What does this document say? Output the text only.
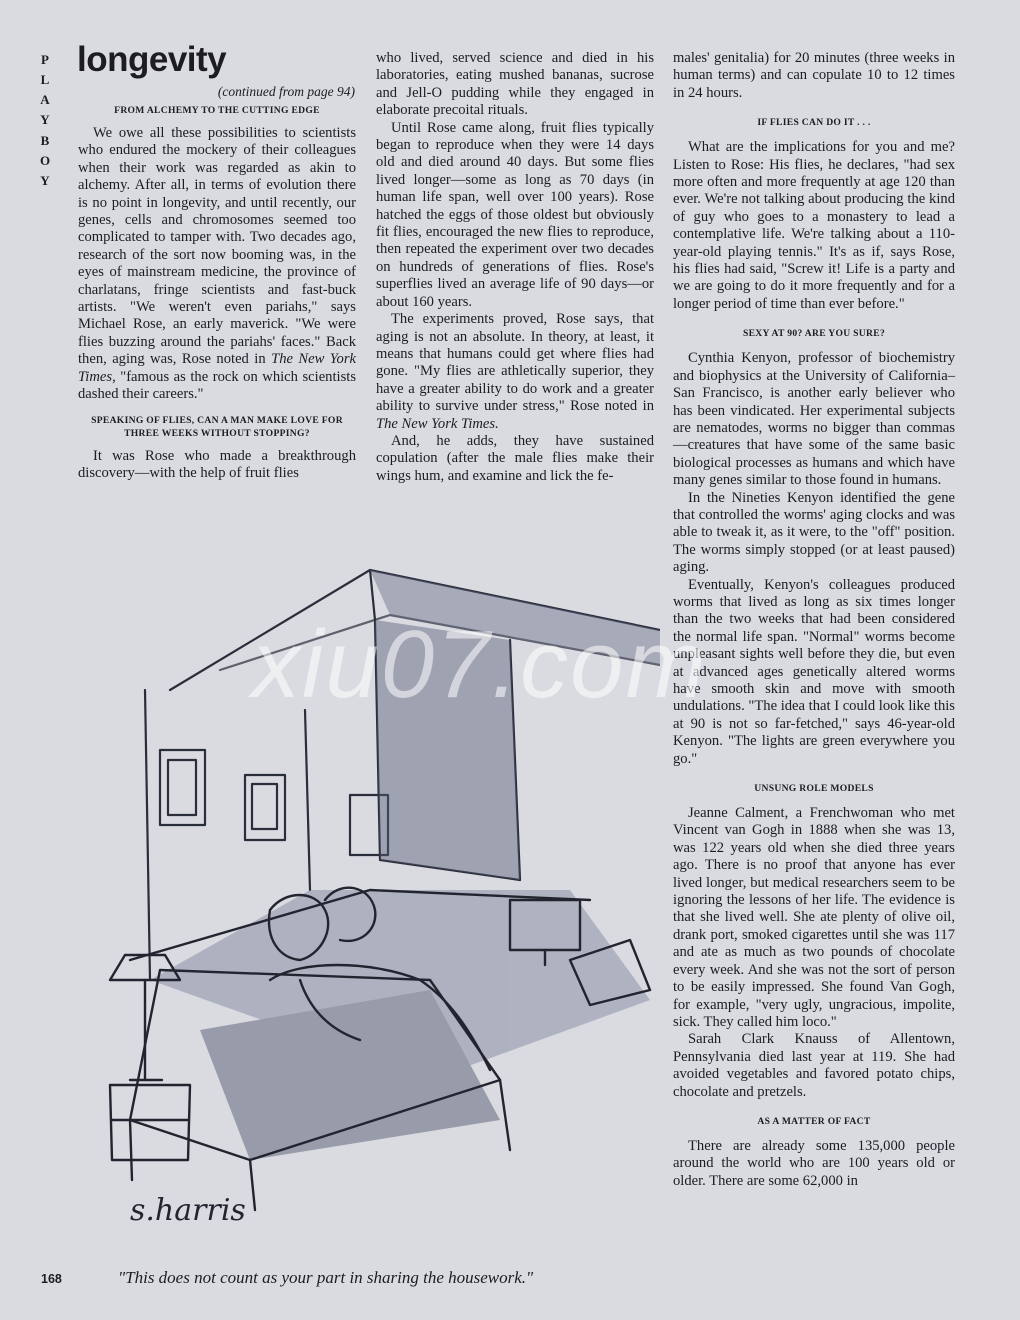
P
L
A
Y
B
O
Y
longevity
(continued from page 94)
FROM ALCHEMY TO THE CUTTING EDGE

We owe all these possibilities to scientists who endured the mockery of their colleagues when their work was regarded as akin to alchemy. After all, in terms of evolution there is no point in longevity, and until recently, our genes, cells and chromosomes seemed too complicated to tamper with. Two decades ago, research of the sort now booming was, in the eyes of mainstream medicine, the province of charlatans, fringe scientists and fast-buck artists. "We weren't even pariahs," says Michael Rose, an early maverick. "We were flies buzzing around the pariahs' faces." Back then, aging was, Rose noted in The New York Times, "famous as the rock on which scientists dashed their careers."

SPEAKING OF FLIES, CAN A MAN MAKE LOVE FOR THREE WEEKS WITHOUT STOPPING?

It was Rose who made a breakthrough discovery—with the help of fruit flies

who lived, served science and died in his laboratories, eating mushed bananas, sucrose and Jell-O pudding while they engaged in elaborate precoital rituals.

Until Rose came along, fruit flies typically began to reproduce when they were 14 days old and died around 40 days. But some flies lived longer—some as long as 70 days (in human life span, well over 100 years). Rose hatched the eggs of those oldest but obviously fit flies, encouraged the new flies to reproduce, then repeated the experiment over two decades on hundreds of generations of flies. Rose's superflies lived an average life of 90 days—or about 160 years.

The experiments proved, Rose says, that aging is not an absolute. In theory, at least, it means that humans could get where flies had gone. "My flies are athletically superior, they have a greater ability to do work and a greater ability to survive under stress," Rose noted in The New York Times.

And, he adds, they have sustained copulation (after the male flies make their wings hum, and examine and lick the fe-

males' genitalia) for 20 minutes (three weeks in human terms) and can copulate 10 to 12 times in 24 hours.

IF FLIES CAN DO IT . . .

What are the implications for you and me? Listen to Rose: His flies, he declares, "had sex more often and more frequently at age 120 than ever. We're not talking about producing the kind of guy who goes to a monastery to lead a contemplative life. We're talking about a 110-year-old playing tennis." It's as if, says Rose, his flies had said, "Screw it! Life is a party and we are going to do it more frequently and for a longer period of time than ever before."

SEXY AT 90? ARE YOU SURE?

Cynthia Kenyon, professor of biochemistry and biophysics at the University of California–San Francisco, is another early believer who has been vindicated. Her experimental subjects are nematodes, worms no bigger than commas—creatures that have some of the same basic biological processes as humans and which have many genes similar to those found in humans.

In the Nineties Kenyon identified the gene that controlled the worms' aging clocks and was able to tweak it, as it were, to the "off" position. The worms simply stopped (or at least paused) aging.

Eventually, Kenyon's colleagues produced worms that lived as long as six times longer than the two weeks that had been considered the normal life span. "Normal" worms become unpleasant sights well before they die, but even at advanced ages genetically altered worms have smooth skin and move with smooth undulations. "The idea that I could look like this at 90 is not so far-fetched," says 46-year-old Kenyon. "The lights are green everywhere you go."

UNSUNG ROLE MODELS

Jeanne Calment, a Frenchwoman who met Vincent van Gogh in 1888 when she was 13, was 122 years old when she died three years ago. There is no proof that anyone has ever lived longer, but medical researchers seem to be ignoring the lessons of her life. The evidence is that she lived well. She ate plenty of olive oil, drank port, smoked cigarettes until she was 117 and ate as much as two pounds of chocolate every week. And she was not the sort of person to be easily impressed. She found Van Gogh, for example, "very ugly, ungracious, impolite, sick. They called him loco."

Sarah Clark Knauss of Allentown, Pennsylvania died last year at 119. She had avoided vegetables and favored potato chips, chocolate and pretzels.

AS A MATTER OF FACT

There are already some 135,000 people around the world who are 100 years old or older. There are some 62,000 in

s.harris
xiu07.com
168	"This does not count as your part in sharing the housework."
